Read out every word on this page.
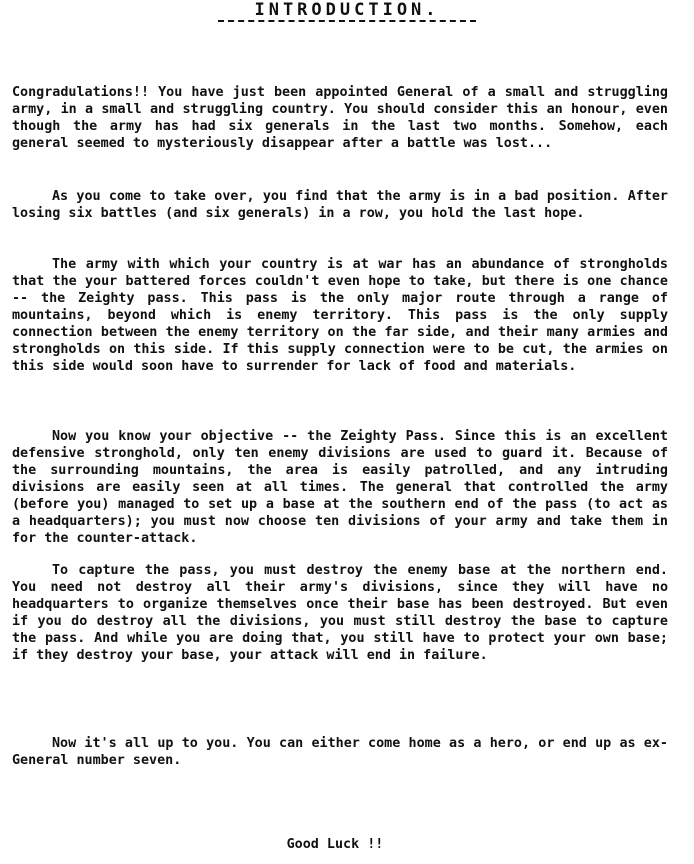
INTRODUCTION.

Congradulations!! You have just been appointed General of a small and struggling army, in a small and struggling country. You should consider this an honour, even though the army has had six generals in the last two months. Somehow, each general seemed to mysteriously disappear after a battle was lost...

As you come to take over, you find that the army is in a bad position. After losing six battles (and six generals) in a row, you hold the last hope.

The army with which your country is at war has an abundance of strongholds that the your battered forces couldn't even hope to take, but there is one chance -- the Zeighty pass. This pass is the only major route through a range of mountains, beyond which is enemy territory. This pass is the only supply connection between the enemy territory on the far side, and their many armies and strongholds on this side. If this supply connection were to be cut, the armies on this side would soon have to surrender for lack of food and materials.

Now you know your objective -- the Zeighty Pass. Since this is an excellent defensive stronghold, only ten enemy divisions are used to guard it. Because of the surrounding mountains, the area is easily patrolled, and any intruding divisions are easily seen at all times. The general that controlled the army (before you) managed to set up a base at the southern end of the pass (to act as a headquarters); you must now choose ten divisions of your army and take them in for the counter-attack.

To capture the pass, you must destroy the enemy base at the northern end. You need not destroy all their army's divisions, since they will have no headquarters to organize themselves once their base has been destroyed. But even if you do destroy all the divisions, you must still destroy the base to capture the pass. And while you are doing that, you still have to protect your own base; if they destroy your base, your attack will end in failure.

Now it's all up to you. You can either come home as a hero, or end up as ex-General number seven.

Good Luck !!
